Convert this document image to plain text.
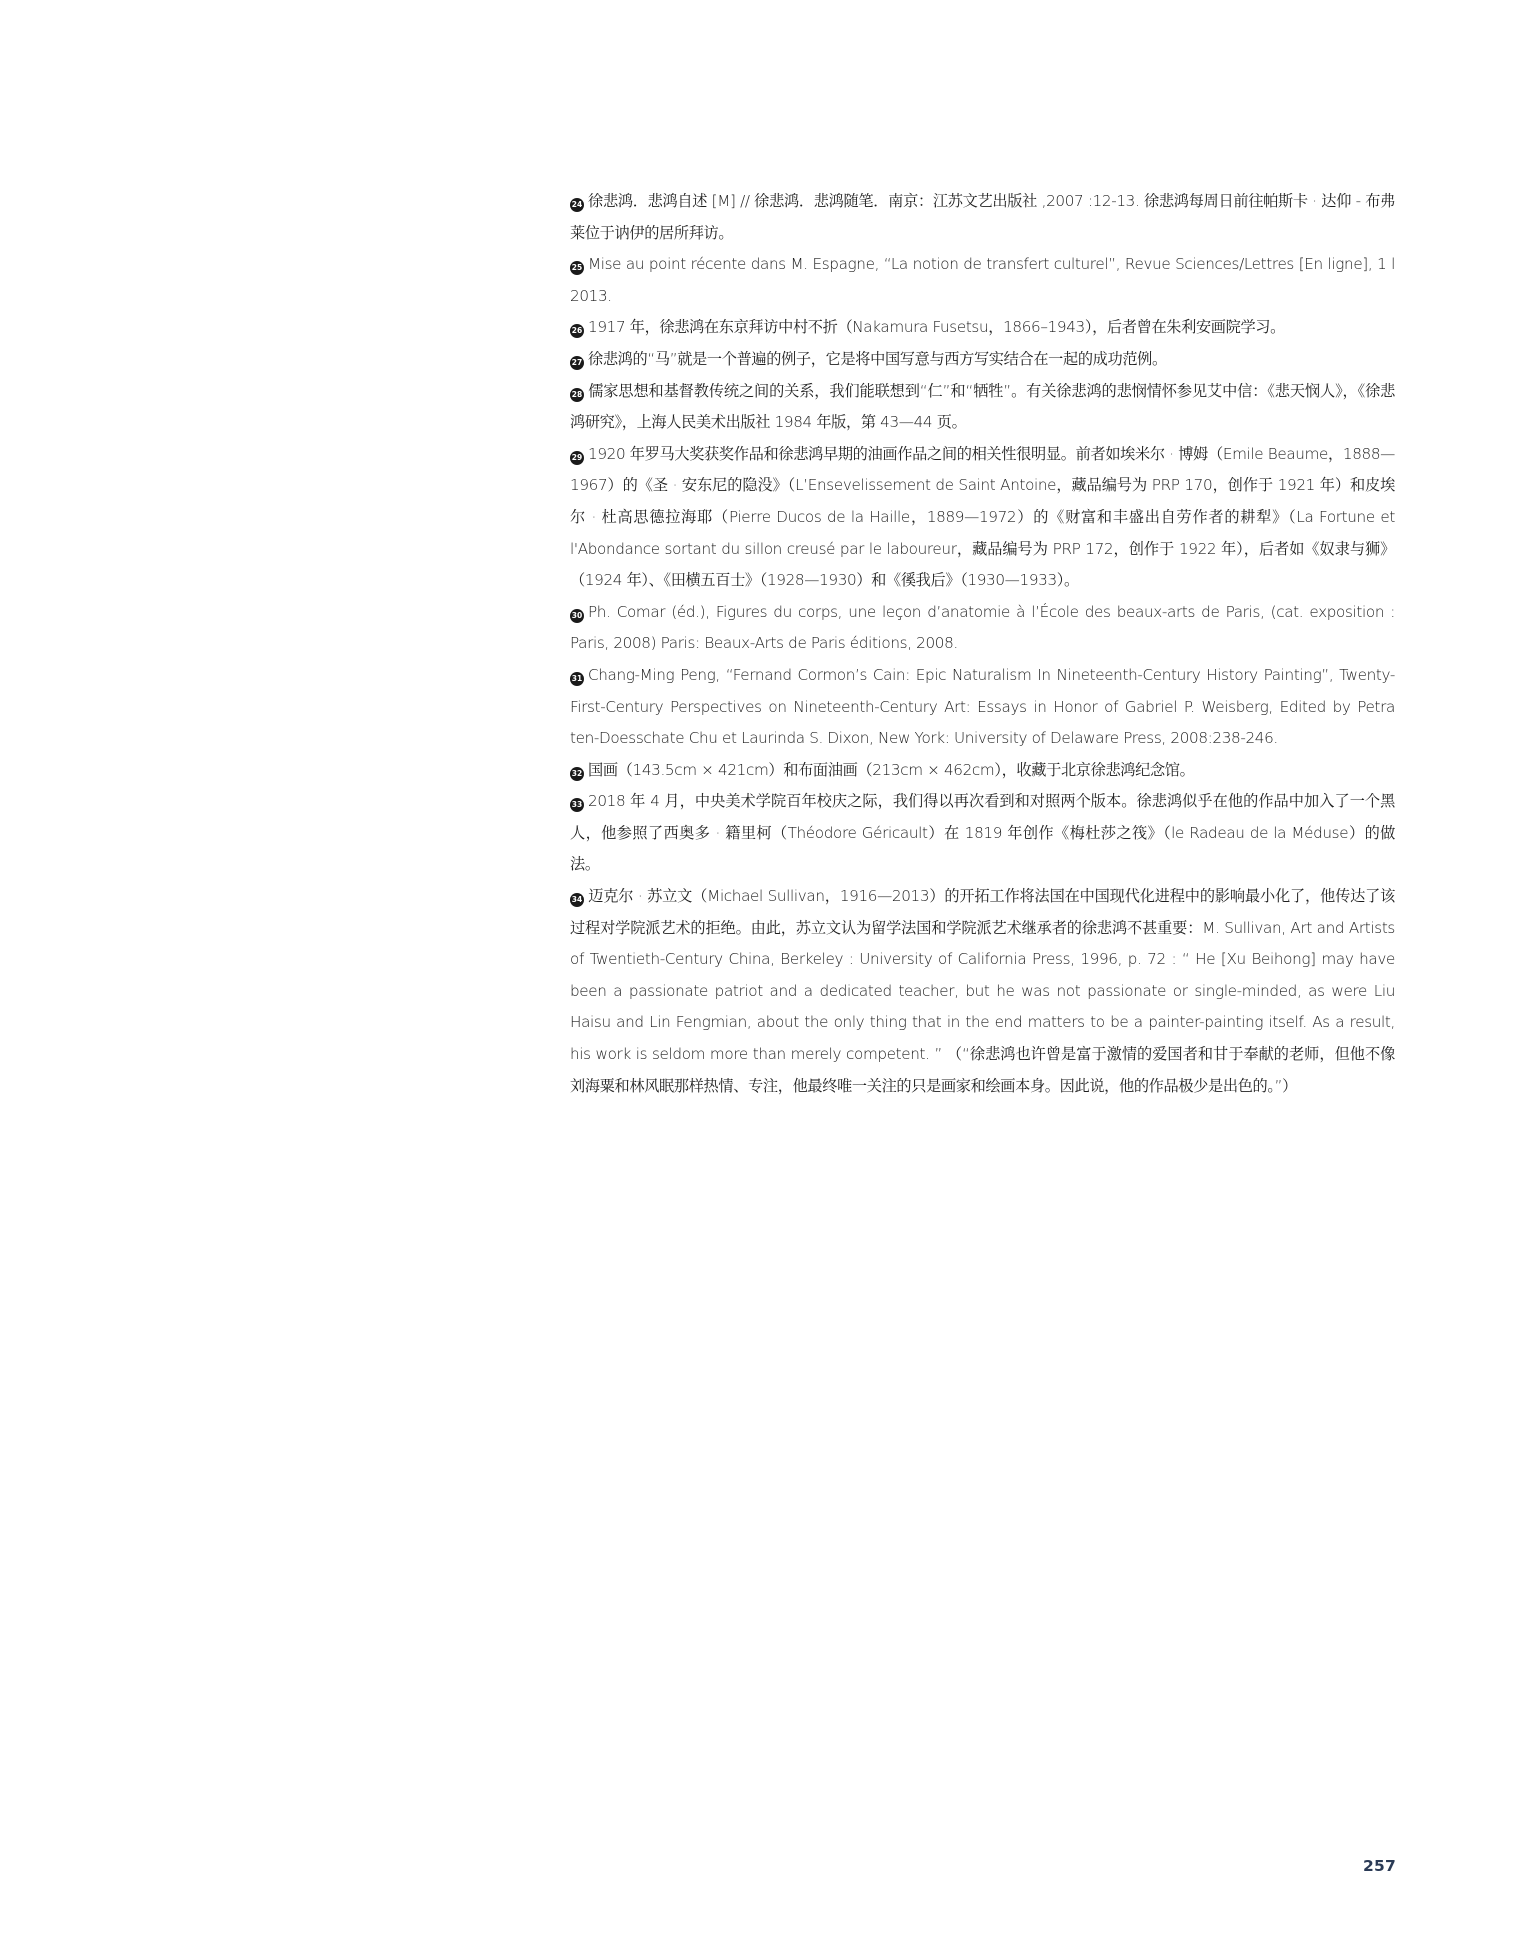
24 徐悲鸿．悲鸿自述 [M] // 徐悲鸿．悲鸿随笔．南京：江苏文艺出版社 ,2007 :12-13. 徐悲鸿每周日前往帕斯卡 · 达仰 - 布弗莱位于讷伊的居所拜访。

25 Mise au point récente dans M. Espagne, “La notion de transfert culturel”, Revue Sciences/Lettres [En ligne], 1 l 2013.

26 1917 年，徐悲鸿在东京拜访中村不折（Nakamura Fusetsu，1866–1943），后者曾在朱利安画院学习。

27 徐悲鸿的“马”就是一个普遍的例子，它是将中国写意与西方写实结合在一起的成功范例。

28 儒家思想和基督教传统之间的关系，我们能联想到“仁”和“牺牲”。有关徐悲鸿的悲悯情怀参见艾中信：《悲天悯人》，《徐悲鸿研究》，上海人民美术出版社 1984 年版，第 43—44 页。

29 1920 年罗马大奖获奖作品和徐悲鸿早期的油画作品之间的相关性很明显。前者如埃米尔 · 博姆（Emile Beaume，1888—1967）的《圣 · 安东尼的隐没》（L’Ensevelissement de Saint Antoine，藏品编号为 PRP 170，创作于 1921 年）和皮埃尔 · 杜高思德拉海耶（Pierre Ducos de la Haille，1889—1972）的《财富和丰盛出自劳作者的耕犁》（La Fortune et l'Abondance sortant du sillon creusé par le laboureur，藏品编号为 PRP 172，创作于 1922 年），后者如《奴隶与狮》（1924 年）、《田横五百士》（1928—1930）和《徯我后》（1930—1933）。

30 Ph. Comar (éd.), Figures du corps, une leçon d’anatomie à l’École des beaux-arts de Paris, (cat. exposition : Paris, 2008) Paris: Beaux-Arts de Paris éditions, 2008.

31 Chang-Ming Peng, “Fernand Cormon’s Cain: Epic Naturalism In Nineteenth-Century History Painting”, Twenty-First-Century Perspectives on Nineteenth-Century Art: Essays in Honor of Gabriel P. Weisberg, Edited by Petra ten-Doesschate Chu et Laurinda S. Dixon, New York: University of Delaware Press, 2008:238-246.

32 国画（143.5cm × 421cm）和布面油画（213cm × 462cm），收藏于北京徐悲鸿纪念馆。

33 2018 年 4 月，中央美术学院百年校庆之际，我们得以再次看到和对照两个版本。徐悲鸿似乎在他的作品中加入了一个黑人，他参照了西奥多 · 籍里柯（Théodore Géricault）在 1819 年创作《梅杜莎之筏》（le Radeau de la Méduse）的做法。

34 迈克尔 · 苏立文（Michael Sullivan，1916—2013）的开拓工作将法国在中国现代化进程中的影响最小化了，他传达了该过程对学院派艺术的拒绝。由此，苏立文认为留学法国和学院派艺术继承者的徐悲鸿不甚重要：M. Sullivan, Art and Artists of Twentieth-Century China, Berkeley : University of California Press, 1996, p. 72 : “ He [Xu Beihong] may have been a passionate patriot and a dedicated teacher, but he was not passionate or single-minded, as were Liu Haisu and Lin Fengmian, about the only thing that in the end matters to be a painter-painting itself. As a result, his work is seldom more than merely competent. ” （“徐悲鸿也许曾是富于激情的爱国者和甘于奉献的老师，但他不像刘海粟和林风眠那样热情、专注，他最终唯一关注的只是画家和绘画本身。因此说，他的作品极少是出色的。”）

257
